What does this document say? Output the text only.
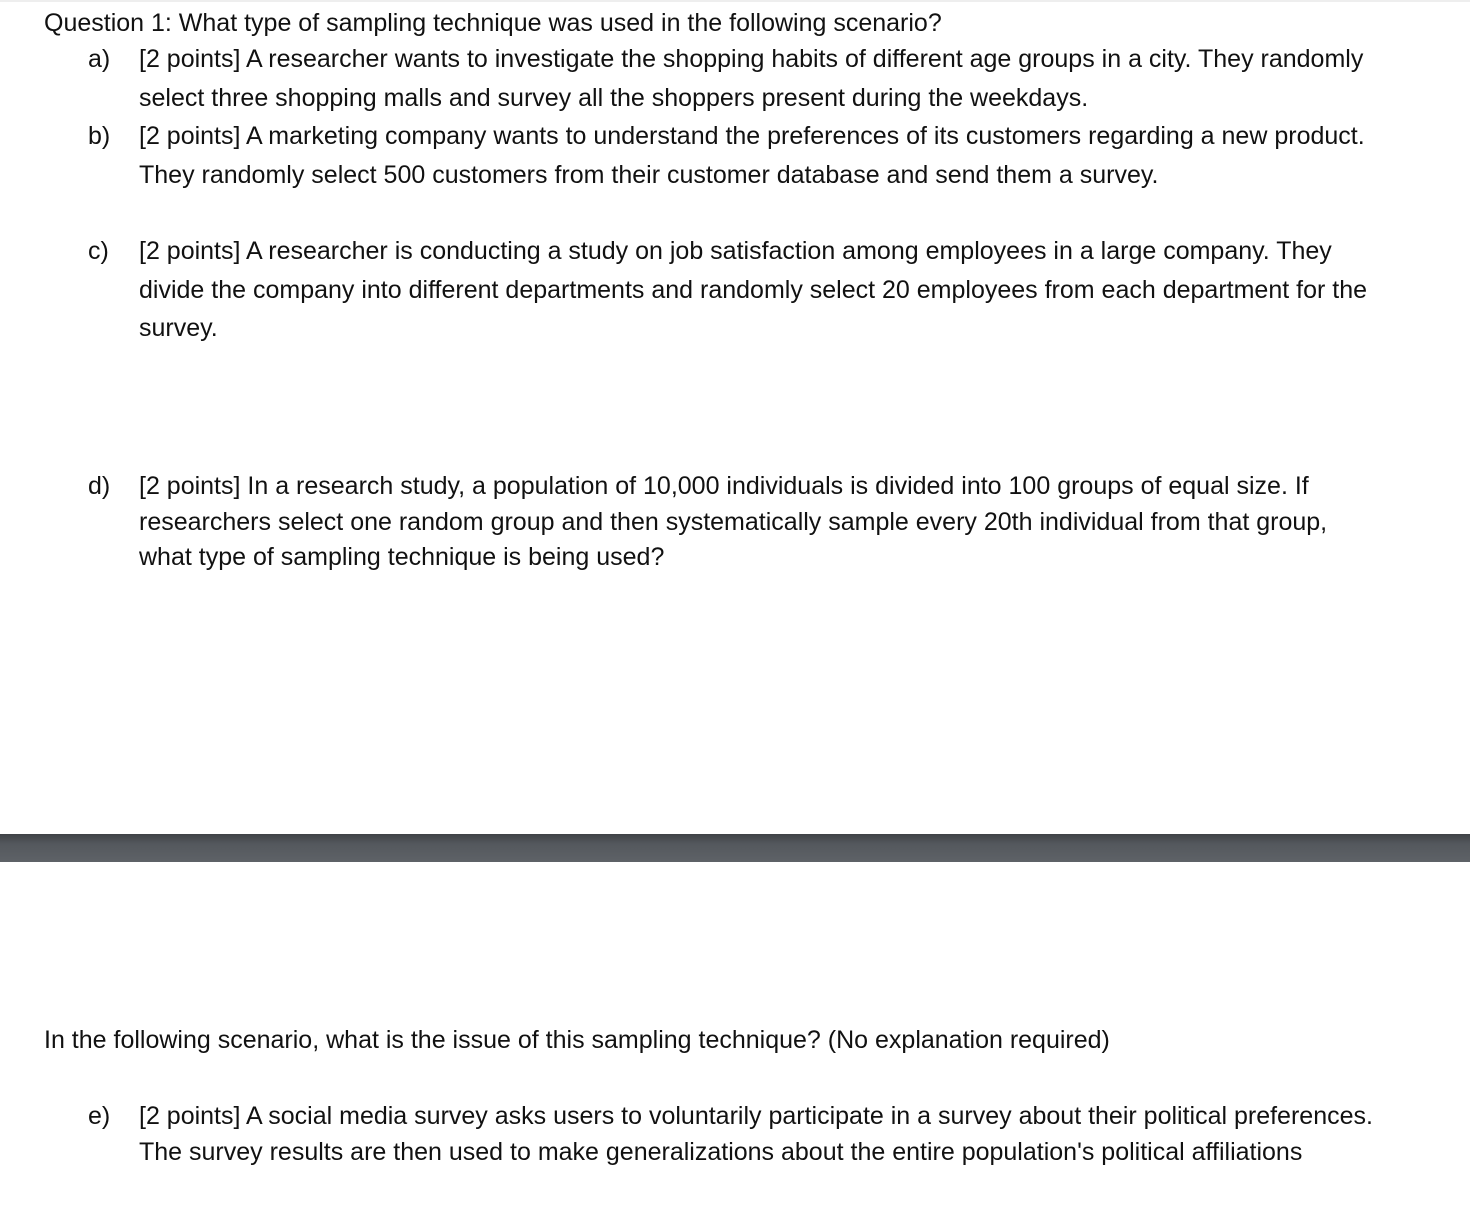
Question 1: What type of sampling technique was used in the following scenario?
a)	[2 points] A researcher wants to investigate the shopping habits of different age groups in a city. They randomly select three shopping malls and survey all the shoppers present during the weekdays.
b)	[2 points] A marketing company wants to understand the preferences of its customers regarding a new product. They randomly select 500 customers from their customer database and send them a survey.
c)	[2 points] A researcher is conducting a study on job satisfaction among employees in a large company. They divide the company into different departments and randomly select 20 employees from each department for the survey.
d)	[2 points] In a research study, a population of 10,000 individuals is divided into 100 groups of equal size. If researchers select one random group and then systematically sample every 20th individual from that group, what type of sampling technique is being used?
In the following scenario, what is the issue of this sampling technique? (No explanation required)
e)	[2 points] A social media survey asks users to voluntarily participate in a survey about their political preferences. The survey results are then used to make generalizations about the entire population's political affiliations
